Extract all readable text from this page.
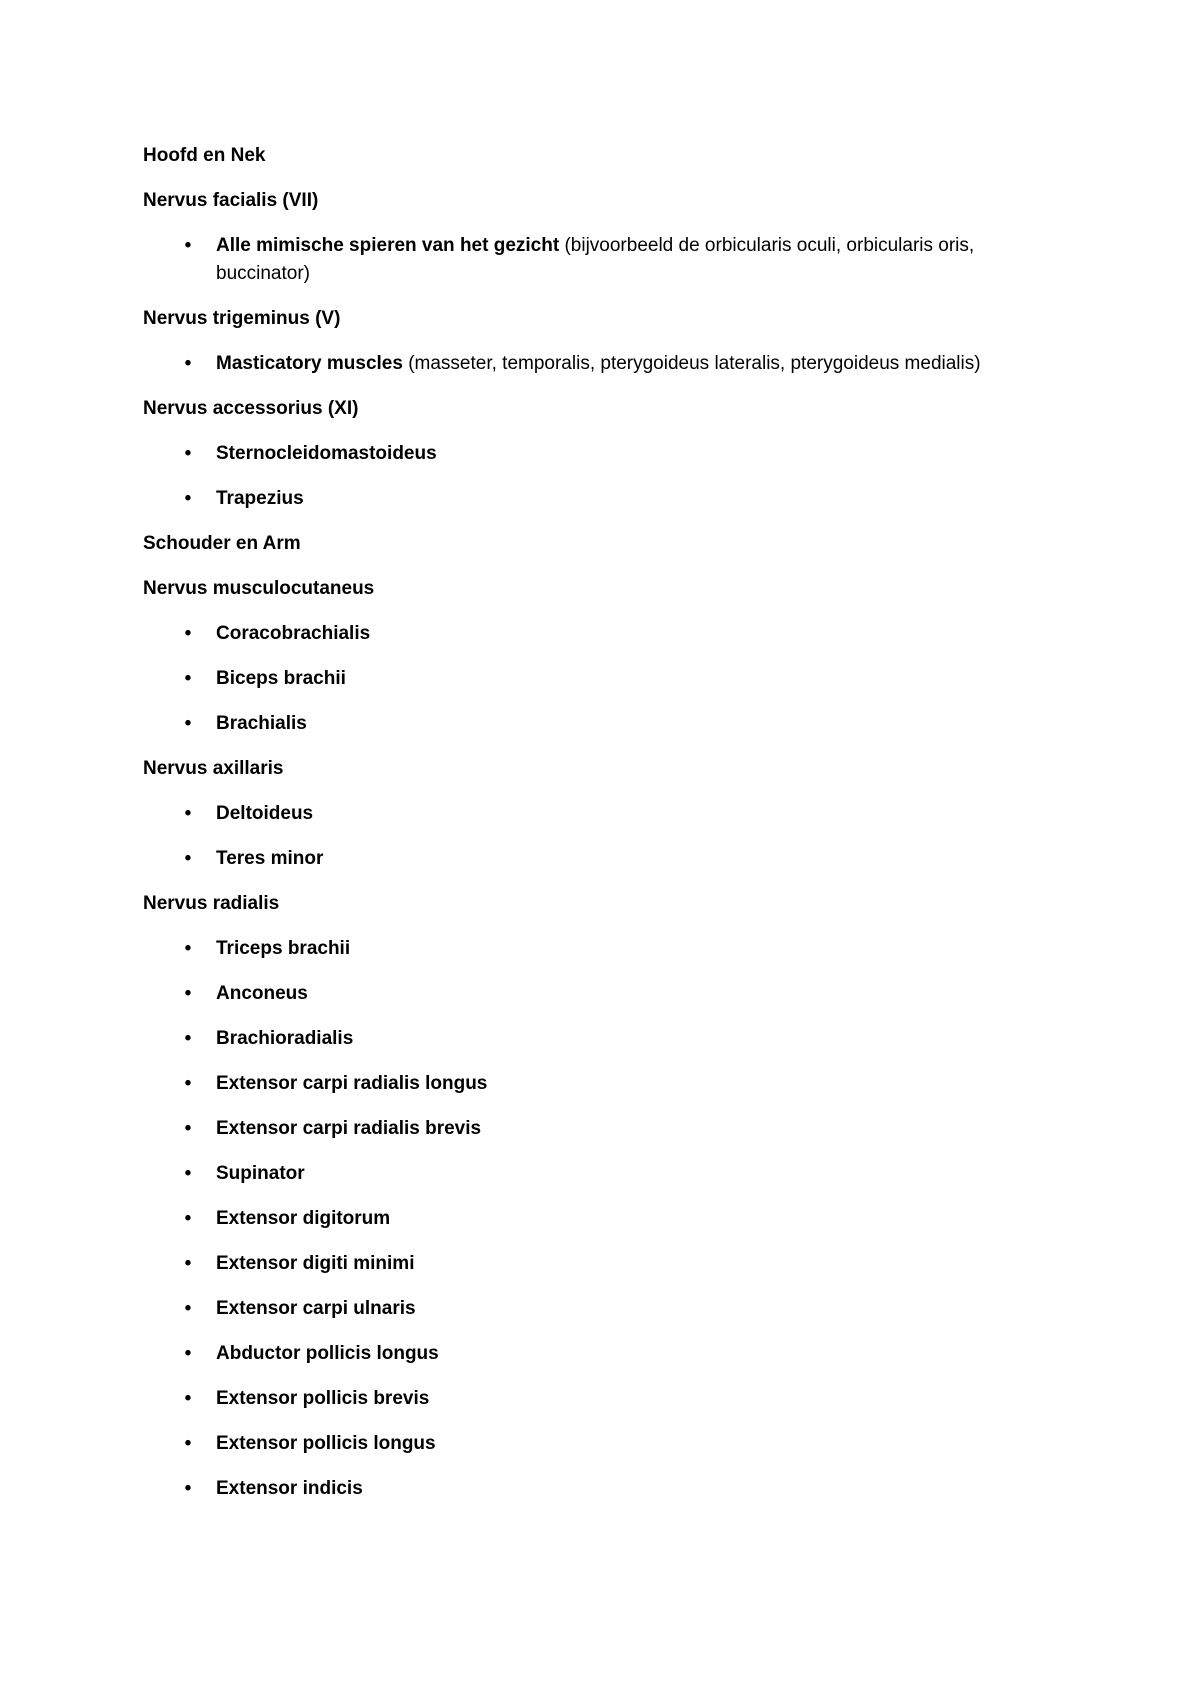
Hoofd en Nek

Nervus facialis (VII)

• Alle mimische spieren van het gezicht (bijvoorbeeld de orbicularis oculi, orbicularis oris, buccinator)

Nervus trigeminus (V)

• Masticatory muscles (masseter, temporalis, pterygoideus lateralis, pterygoideus medialis)

Nervus accessorius (XI)

• Sternocleidomastoideus
• Trapezius

Schouder en Arm

Nervus musculocutaneus

• Coracobrachialis
• Biceps brachii
• Brachialis

Nervus axillaris

• Deltoideus
• Teres minor

Nervus radialis

• Triceps brachii
• Anconeus
• Brachioradialis
• Extensor carpi radialis longus
• Extensor carpi radialis brevis
• Supinator
• Extensor digitorum
• Extensor digiti minimi
• Extensor carpi ulnaris
• Abductor pollicis longus
• Extensor pollicis brevis
• Extensor pollicis longus
• Extensor indicis
